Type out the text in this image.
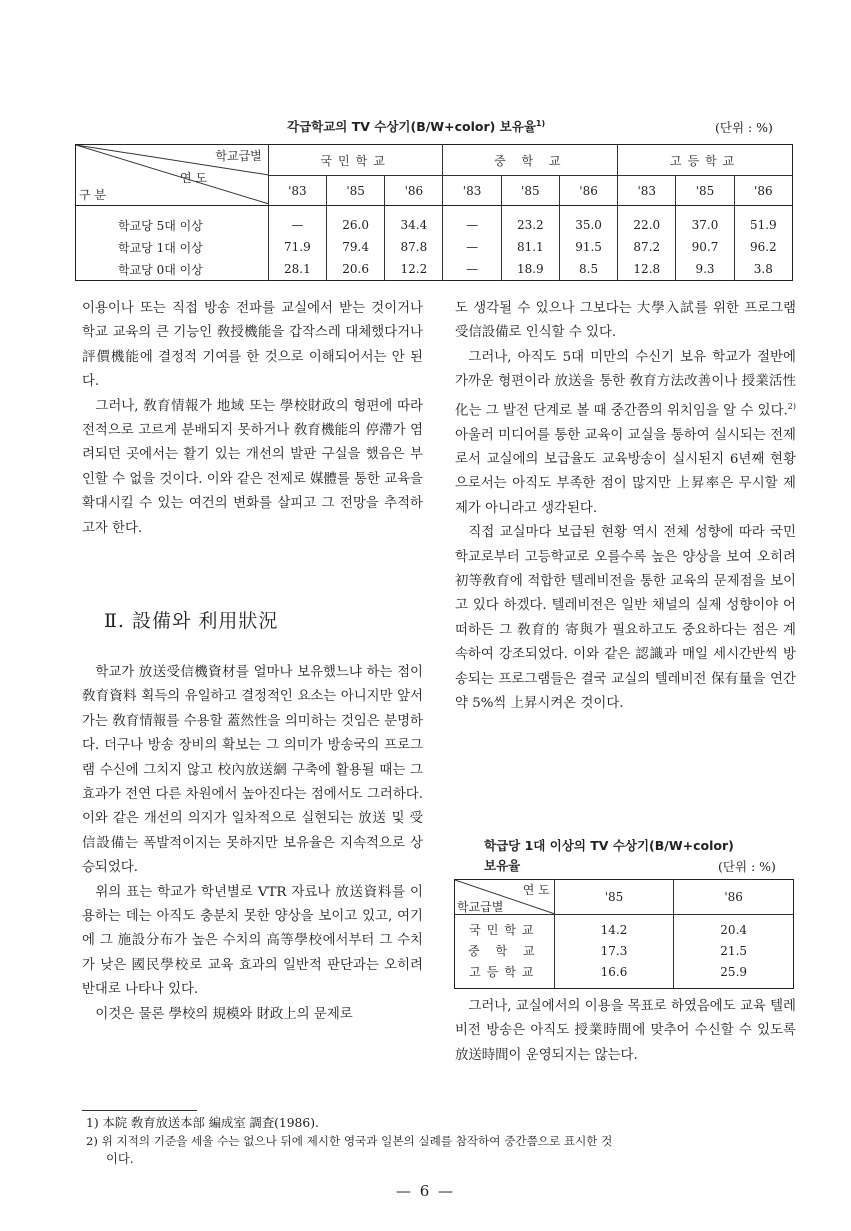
각급학교의 TV 수상기(B/W+color) 보유율$^{1)}$	(단위 : %)
학교급별
연 도
구 분	국민학교			중 학 교			고등학교		
	'83	'85	'86	'83	'85	'86	'83	'85	'86
학교당 5대 이상	—	26.0	34.4	—	23.2	35.0	22.0	37.0	51.9
학교당 1대 이상	71.9	79.4	87.8	—	81.1	91.5	87.2	90.7	96.2
학교당 0대 이상	28.1	20.6	12.2	—	18.9	8.5	12.8	9.3	3.8

이용이나 또는 직접 방송 전파를 교실에서 받는 것이거나 학교 교육의 큰 기능인 敎授機能을 갑작스레 대체했다거나 評價機能에 결정적 기여를 한 것으로 이해되어서는 안 된다.

그러나, 敎育情報가 地域 또는 學校財政의 형편에 따라 전적으로 고르게 분배되지 못하거나 敎育機能의 停滯가 염려되던 곳에서는 활기 있는 개선의 발판 구실을 했음은 부인할 수 없을 것이다. 이와 같은 전제로 媒體를 통한 교육을 확대시킬 수 있는 여건의 변화를 살피고 그 전망을 추적하고자 한다.

Ⅱ. 設備와 利用狀況

학교가 放送受信機資材를 얼마나 보유했느냐 하는 점이 敎育資料 획득의 유일하고 결정적인 요소는 아니지만 앞서가는 敎育情報를 수용할 蓋然性을 의미하는 것임은 분명하다. 더구나 방송 장비의 확보는 그 의미가 방송국의 프로그램 수신에 그치지 않고 校內放送網 구축에 활용될 때는 그 효과가 전연 다른 차원에서 높아진다는 점에서도 그러하다. 이와 같은 개선의 의지가 일차적으로 실현되는 放送 및 受信設備는 폭발적이지는 못하지만 보유율은 지속적으로 상승되었다.

위의 표는 학교가 학년별로 VTR 자료나 放送資料를 이용하는 데는 아직도 충분치 못한 양상을 보이고 있고, 여기에 그 施設分布가 높은 수치의 高等學校에서부터 그 수치가 낮은 國民學校로 교육 효과의 일반적 판단과는 오히려 반대로 나타나 있다.

이것은 물론 學校의 規模와 財政上의 문제로

도 생각될 수 있으나 그보다는 大學入試를 위한 프로그램受信設備로 인식할 수 있다.

그러나, 아직도 5대 미만의 수신기 보유 학교가 절반에 가까운 형편이라 放送을 통한 敎育方法改善이나 授業活性化는 그 발전 단계로 볼 때 중간쯤의 위치임을 알 수 있다.$^{2)}$ 아울러 미디어를 통한 교육이 교실을 통하여 실시되는 전제로서 교실에의 보급율도 교육방송이 실시된지 6년째 현황으로서는 아직도 부족한 점이 많지만 上昇率은 무시할 제제가 아니라고 생각된다.

직접 교실마다 보급된 현황 역시 전체 성향에 따라 국민학교로부터 고등학교로 오를수록 높은 양상을 보여 오히려 初等敎育에 적합한 텔레비전을 통한 교육의 문제점을 보이고 있다 하겠다. 텔레비전은 일반 채널의 실제 성향이야 어떠하든 그 敎育的 寄與가 필요하고도 중요하다는 점은 계속하여 강조되었다. 이와 같은 認識과 매일 세시간반씩 방송되는 프로그램들은 결국 교실의 텔레비전 保有量을 연간 약 5%씩 上昇시켜온 것이다.

학급당 1대 이상의 TV 수상기(B/W+color)
보유율	(단위 : %)
연 도
학교급별	'85	'86
국민학교	14.2	20.4
중 학 교	17.3	21.5
고등학교	16.6	25.9

그러나, 교실에서의 이용을 목표로 하였음에도 교육 텔레비전 방송은 아직도 授業時間에 맞추어 수신할 수 있도록 放送時間이 운영되지는 않는다.

1) 本院 敎育放送本部 編成室 調査(1986).
2) 위 지적의 기준을 세울 수는 없으나 뒤에 제시한 영국과 일본의 실례를 참작하여 중간쯤으로 표시한 것
이다.
— 6 —
